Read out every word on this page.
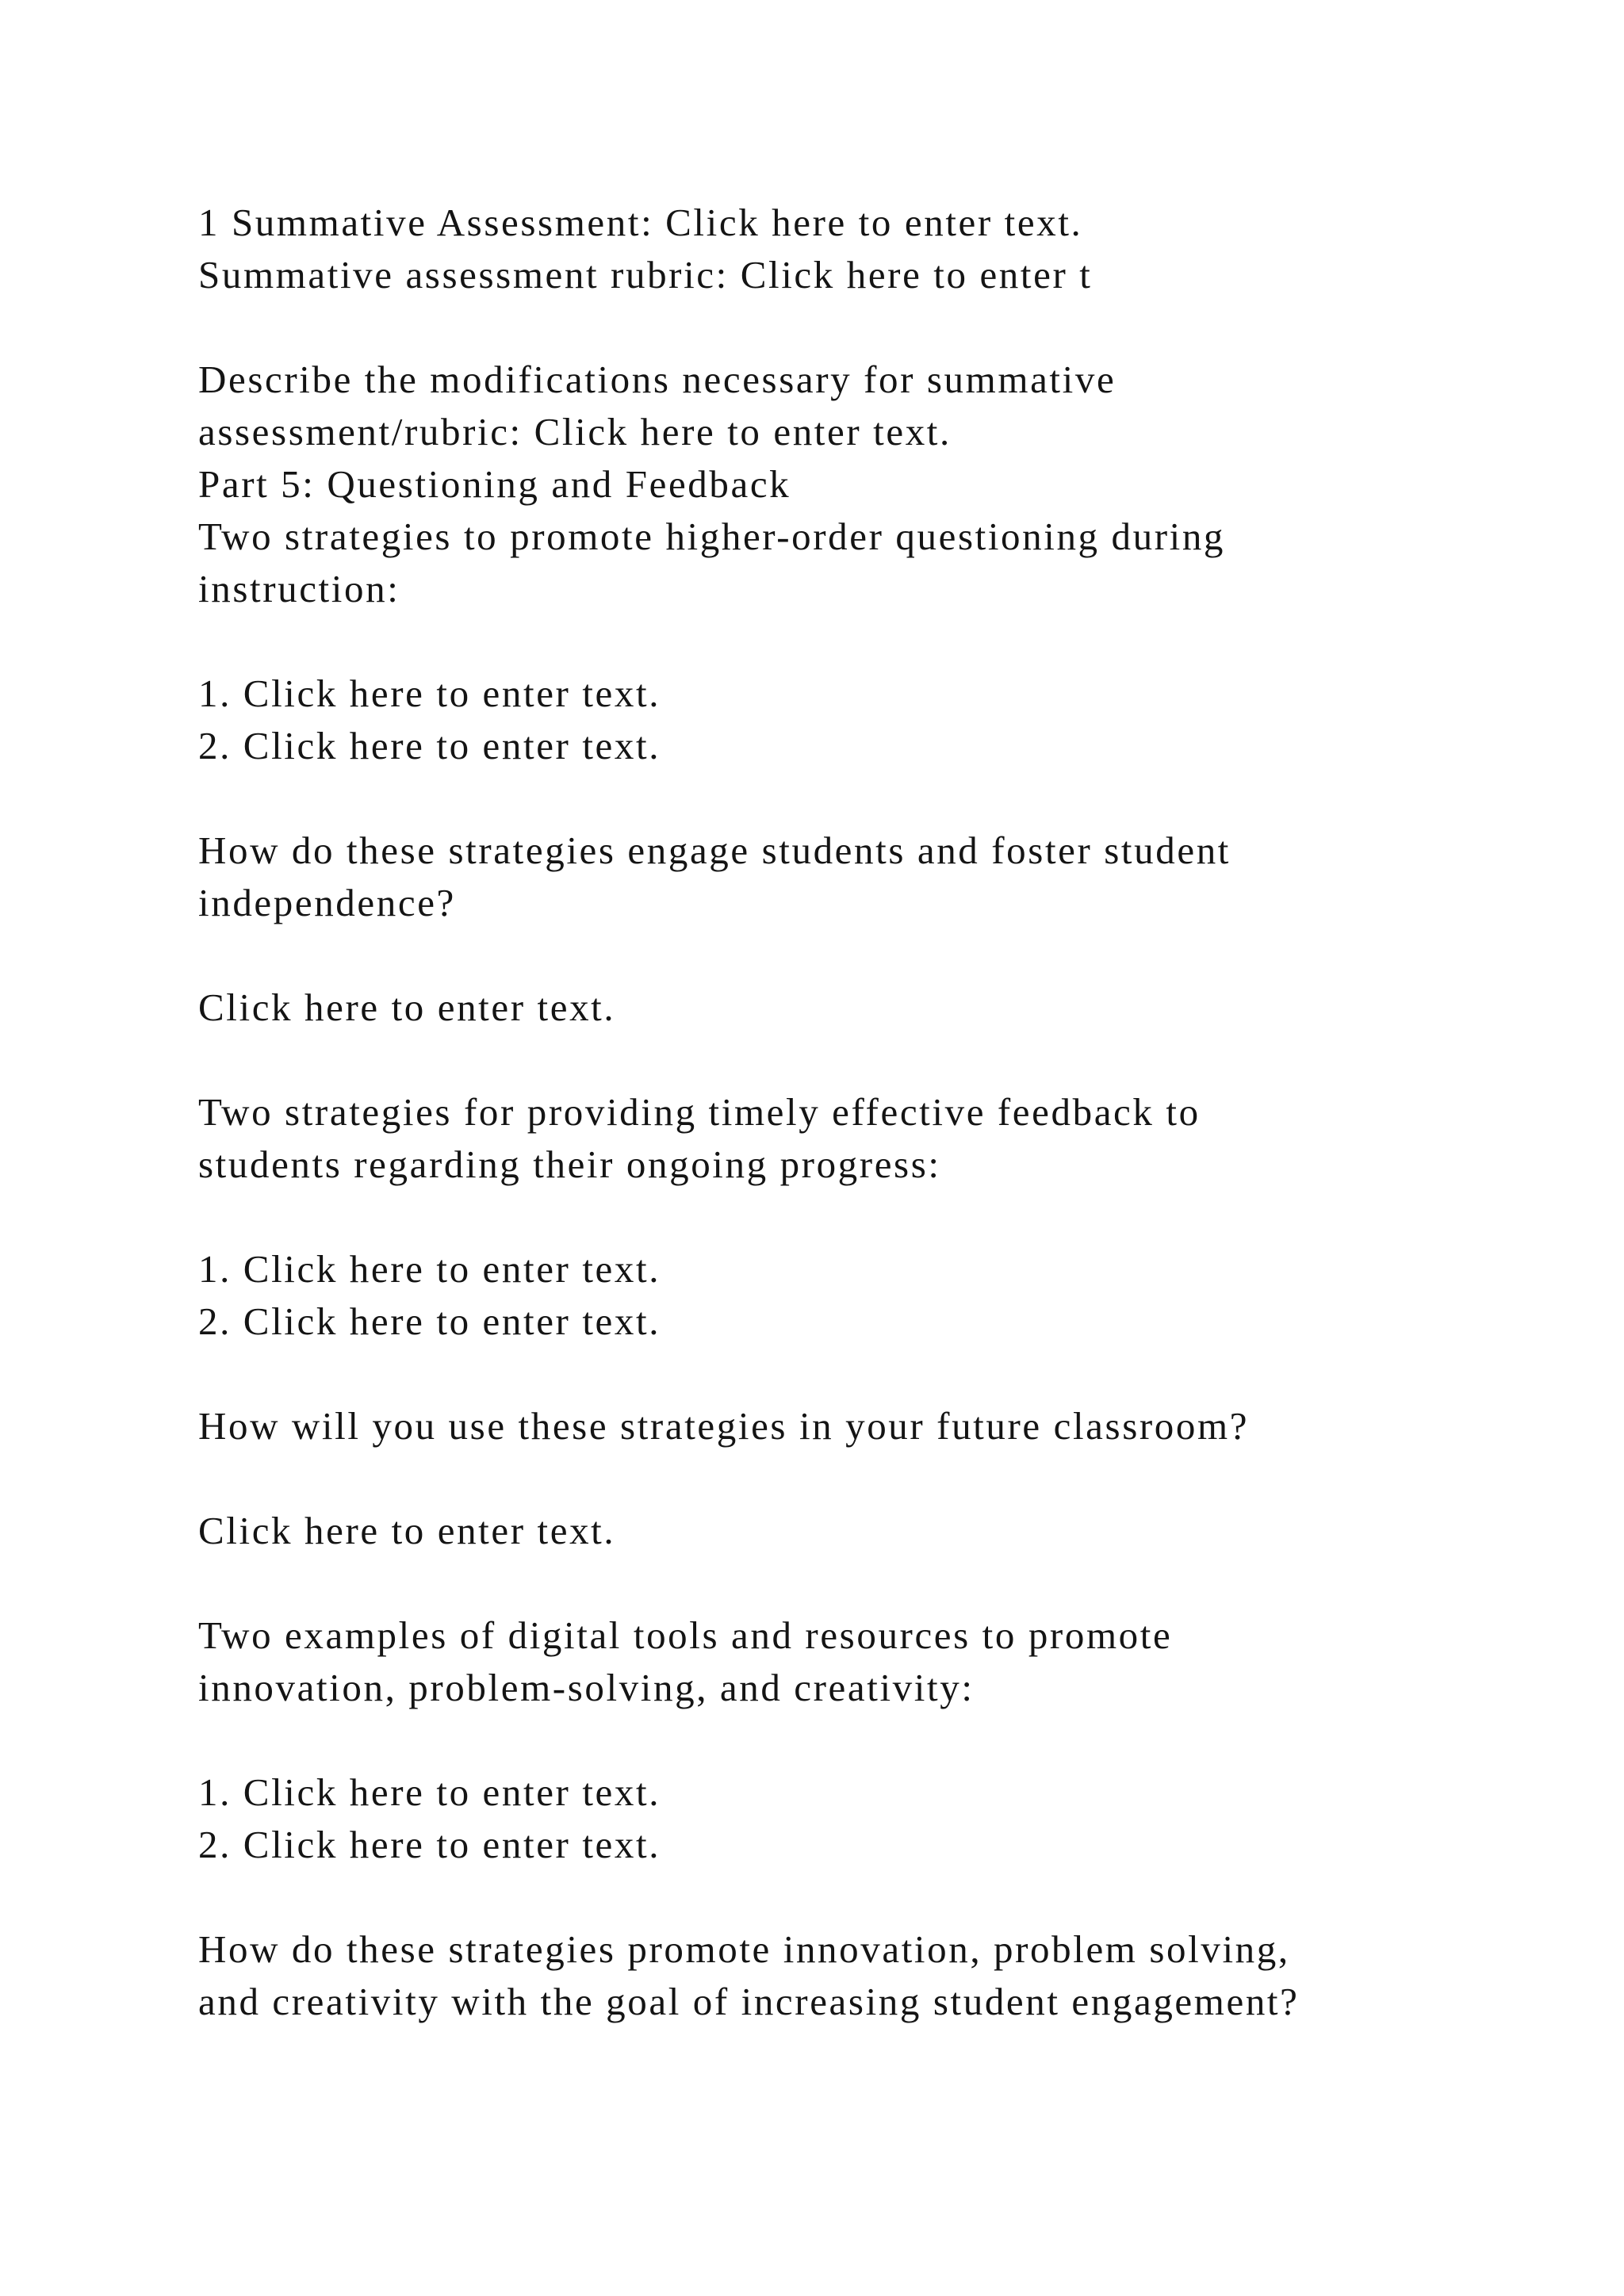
1 Summative Assessment: Click here to enter text.
Summative assessment rubric: Click here to enter t
Describe the modifications necessary for summative
assessment/rubric: Click here to enter text.
Part 5: Questioning and Feedback
Two strategies to promote higher-order questioning during
instruction:
1. Click here to enter text.
2. Click here to enter text.
How do these strategies engage students and foster student
independence?
Click here to enter text.
Two strategies for providing timely effective feedback to
students regarding their ongoing progress:
1. Click here to enter text.
2. Click here to enter text.
How will you use these strategies in your future classroom?
Click here to enter text.
Two examples of digital tools and resources to promote
innovation, problem-solving, and creativity:
1. Click here to enter text.
2. Click here to enter text.
How do these strategies promote innovation, problem solving,
and creativity with the goal of increasing student engagement?
